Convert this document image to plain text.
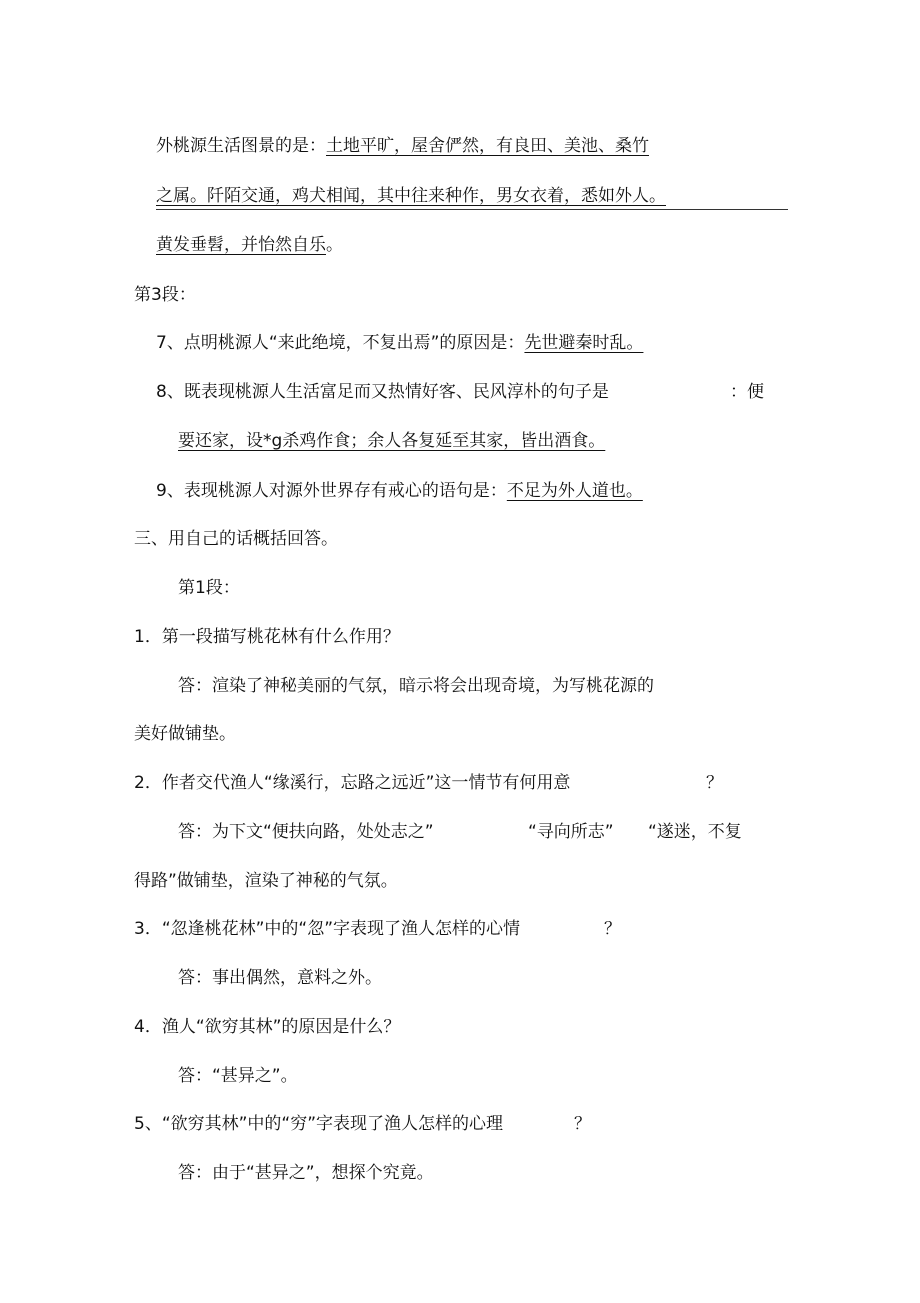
外桃源生活图景的是：土地平旷，屋舍俨然，有良田、美池、桑竹
之属。阡陌交通，鸡犬相闻，其中往来种作，男女衣着，悉如外人。
黄发垂髫，并怡然自乐。
第3段：
7、点明桃源人“来此绝境，不复出焉”的原因是：先世避秦时乱。
8、既表现桃源人生活富足而又热情好客、民风淳朴的句子是	：便
要还家，设*g杀鸡作食；余人各复延至其家，皆出酒食。
9、表现桃源人对源外世界存有戒心的语句是：不足为外人道也。
三、用自己的话概括回答。
第1段：
1．第一段描写桃花林有什么作用？
答：渲染了神秘美丽的气氛，暗示将会出现奇境，为写桃花源的
美好做铺垫。
2．作者交代渔人“缘溪行，忘路之远近”这一情节有何用意	？
答：为下文“便扶向路，处处志之”	“寻向所志” “遂迷，不复
得路”做铺垫，渲染了神秘的气氛。
3．“忽逢桃花林”中的“忽”字表现了渔人怎样的心情	？
答：事出偶然，意料之外。
4．渔人“欲穷其林”的原因是什么？
答：“甚异之”。
5、“欲穷其林”中的“穷”字表现了渔人怎样的心理	？
答：由于“甚异之”，想探个究竟。
